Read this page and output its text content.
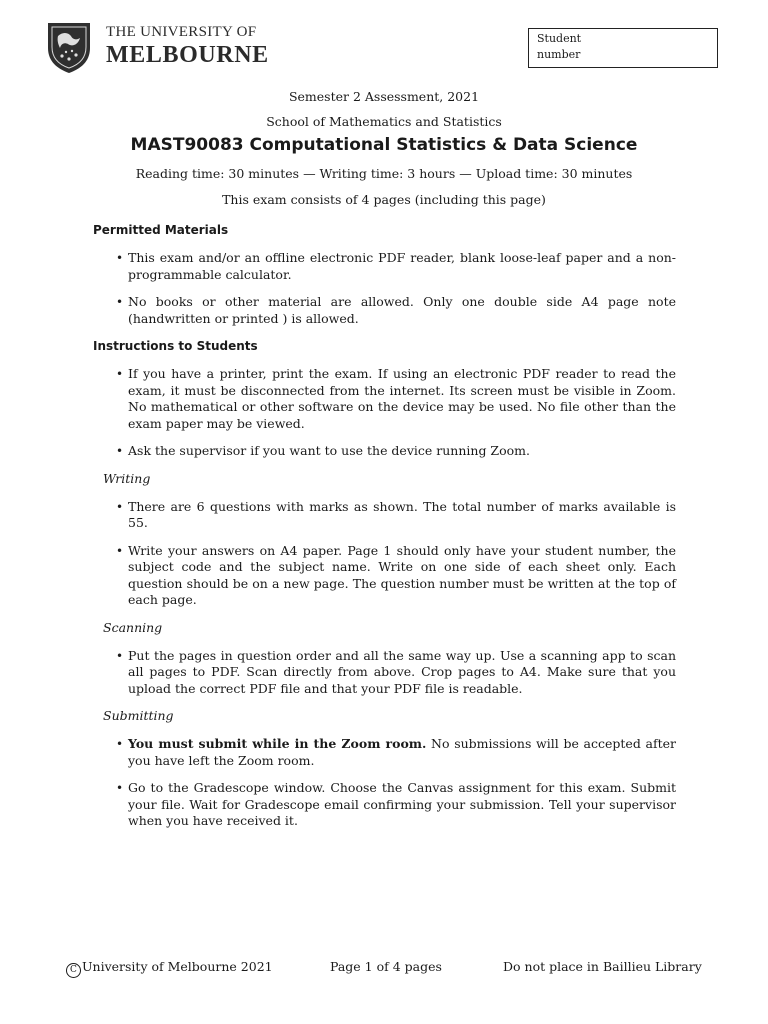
THE UNIVERSITY OF
MELBOURNE
Student
number
Semester 2 Assessment, 2021
School of Mathematics and Statistics
MAST90083 Computational Statistics & Data Science
Reading time: 30 minutes — Writing time: 3 hours — Upload time: 30 minutes
This exam consists of 4 pages (including this page)
Permitted Materials
• This exam and/or an offline electronic PDF reader, blank loose-leaf paper and a non-programmable calculator.
• No books or other material are allowed. Only one double side A4 page note (handwritten or printed ) is allowed.
Instructions to Students
• If you have a printer, print the exam. If using an electronic PDF reader to read the exam, it must be disconnected from the internet. Its screen must be visible in Zoom. No mathematical or other software on the device may be used. No file other than the exam paper may be viewed.
• Ask the supervisor if you want to use the device running Zoom.
Writing
• There are 6 questions with marks as shown. The total number of marks available is 55.
• Write your answers on A4 paper. Page 1 should only have your student number, the subject code and the subject name. Write on one side of each sheet only. Each question should be on a new page. The question number must be written at the top of each page.
Scanning
• Put the pages in question order and all the same way up. Use a scanning app to scan all pages to PDF. Scan directly from above. Crop pages to A4. Make sure that you upload the correct PDF file and that your PDF file is readable.
Submitting
• You must submit while in the Zoom room. No submissions will be accepted after you have left the Zoom room.
• Go to the Gradescope window. Choose the Canvas assignment for this exam. Submit your file. Wait for Gradescope email confirming your submission. Tell your supervisor when you have received it.
C University of Melbourne 2021	Page 1 of 4 pages	Do not place in Baillieu Library
